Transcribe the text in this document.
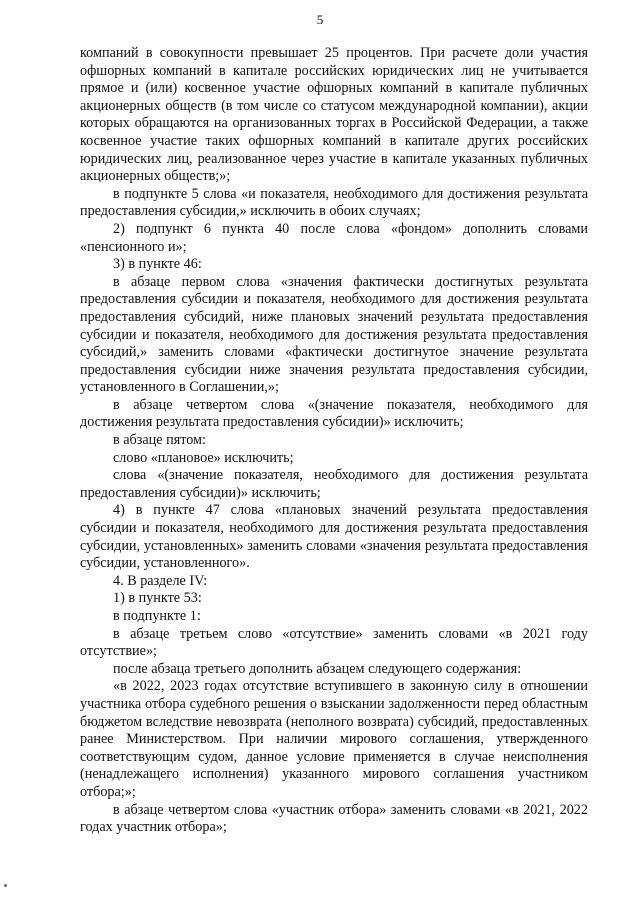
5

компаний в совокупности превышает 25 процентов. При расчете доли участия офшорных компаний в капитале российских юридических лиц не учитывается прямое и (или) косвенное участие офшорных компаний в капитале публичных акционерных обществ (в том числе со статусом международной компании), акции которых обращаются на организованных торгах в Российской Федерации, а также косвенное участие таких офшорных компаний в капитале других российских юридических лиц, реализованное через участие в капитале указанных публичных акционерных обществ;»;

в подпункте 5 слова «и показателя, необходимого для достижения результата предоставления субсидии,» исключить в обоих случаях;

2) подпункт 6 пункта 40 после слова «фондом» дополнить словами «пенсионного и»;

3) в пункте 46:

в абзаце первом слова «значения фактически достигнутых результата предоставления субсидии и показателя, необходимого для достижения результата предоставления субсидий, ниже плановых значений результата предоставления субсидии и показателя, необходимого для достижения результата предоставления субсидий,» заменить словами «фактически достигнутое значение результата предоставления субсидии ниже значения результата предоставления субсидии, установленного в Соглашении,»;

в абзаце четвертом слова «(значение показателя, необходимого для достижения результата предоставления субсидии)» исключить;

в абзаце пятом:

слово «плановое» исключить;

слова «(значение показателя, необходимого для достижения результата предоставления субсидии)» исключить;

4) в пункте 47 слова «плановых значений результата предоставления субсидии и показателя, необходимого для достижения результата предоставления субсидии, установленных» заменить словами «значения результата предоставления субсидии, установленного».

4. В разделе IV:

1) в пункте 53:

в подпункте 1:

в абзаце третьем слово «отсутствие» заменить словами «в 2021 году отсутствие»;

после абзаца третьего дополнить абзацем следующего содержания:

«в 2022, 2023 годах отсутствие вступившего в законную силу в отношении участника отбора судебного решения о взыскании задолженности перед областным бюджетом вследствие невозврата (неполного возврата) субсидий, предоставленных ранее Министерством. При наличии мирового соглашения, утвержденного соответствующим судом, данное условие применяется в случае неисполнения (ненадлежащего исполнения) указанного мирового соглашения участником отбора;»;

в абзаце четвертом слова «участник отбора» заменить словами «в 2021, 2022 годах участник отбора»;
